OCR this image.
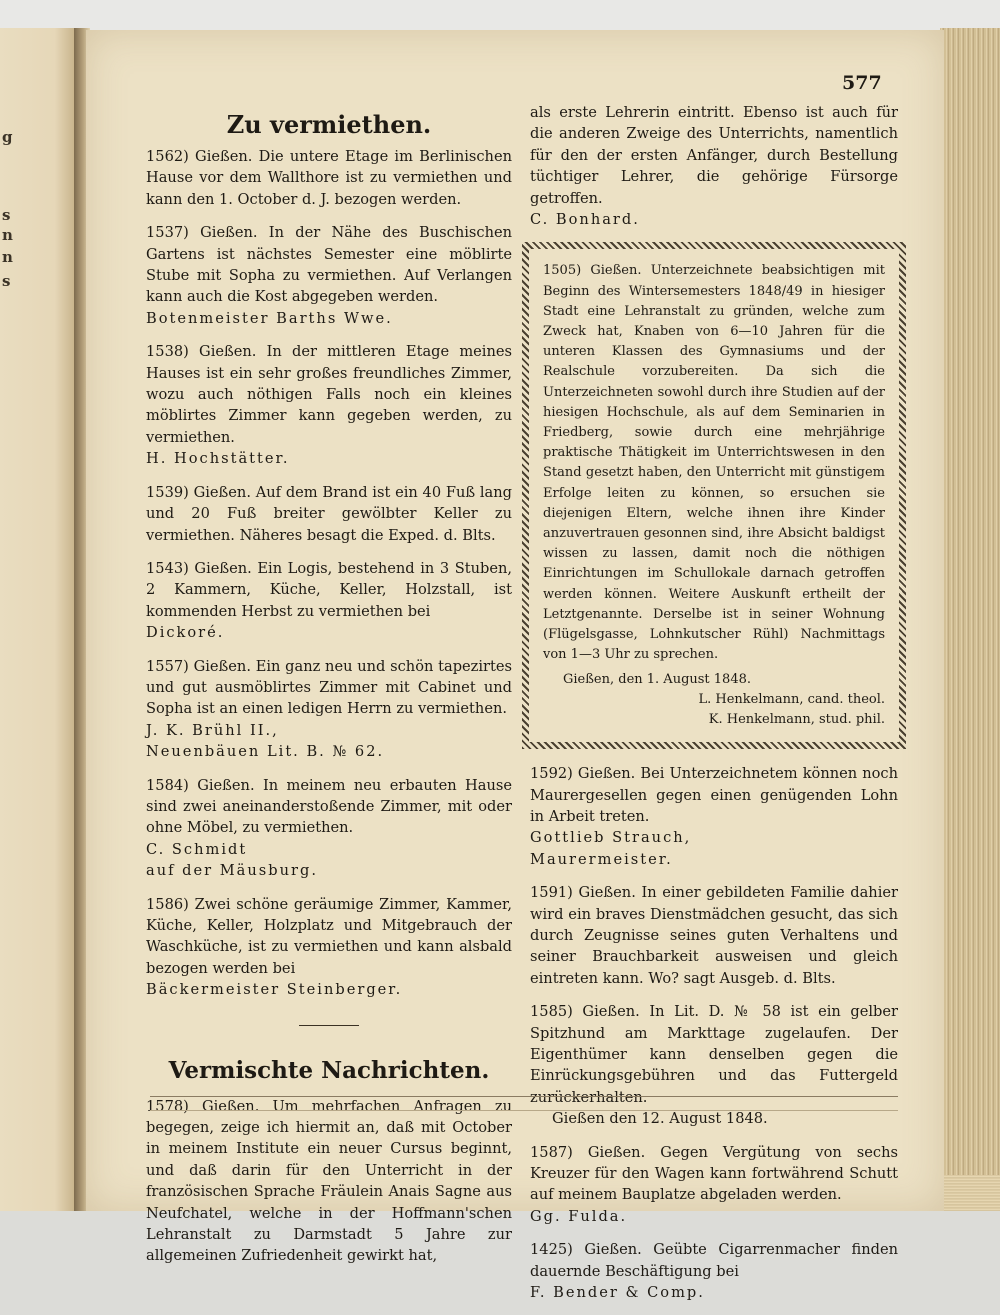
g
s
n
n
s
577
Zu vermiethen.

1562) Gießen. Die untere Etage im Berlinischen Hause vor dem Wallthore ist zu vermiethen und kann den 1. October d. J. bezogen werden.

1537) Gießen. In der Nähe des Buschischen Gartens ist nächstes Semester eine möblirte Stube mit Sopha zu vermiethen. Auf Verlangen kann auch die Kost abgegeben werden.

Botenmeister Barths Wwe.

1538) Gießen. In der mittleren Etage meines Hauses ist ein sehr großes freundliches Zimmer, wozu auch nöthigen Falls noch ein kleines möblirtes Zimmer kann gegeben werden, zu vermiethen.

H. Hochstätter.

1539) Gießen. Auf dem Brand ist ein 40 Fuß lang und 20 Fuß breiter gewölbter Keller zu vermiethen. Näheres besagt die Exped. d. Blts.

1543) Gießen. Ein Logis, bestehend in 3 Stuben, 2 Kammern, Küche, Keller, Holzstall, ist kommenden Herbst zu vermiethen bei

Dickoré.

1557) Gießen. Ein ganz neu und schön tapezirtes und gut ausmöblirtes Zimmer mit Cabinet und Sopha ist an einen ledigen Herrn zu vermiethen.

J. K. Brühl II.,

Neuenbäuen Lit. B. № 62.

1584) Gießen. In meinem neu erbauten Hause sind zwei aneinanderstoßende Zimmer, mit oder ohne Möbel, zu vermiethen.

C. Schmidt

auf der Mäusburg.

1586) Zwei schöne geräumige Zimmer, Kammer, Küche, Keller, Holzplatz und Mitgebrauch der Waschküche, ist zu vermiethen und kann alsbald bezogen werden bei

Bäckermeister Steinberger.

Vermischte Nachrichten.

1578) Gießen. Um mehrfachen Anfragen zu begegen, zeige ich hiermit an, daß mit October in meinem Institute ein neuer Cursus beginnt, und daß darin für den Unterricht in der französischen Sprache Fräulein Anais Sagne aus Neufchatel, welche in der Hoffmann'schen Lehranstalt zu Darmstadt 5 Jahre zur allgemeinen Zufriedenheit gewirkt hat,

als erste Lehrerin eintritt. Ebenso ist auch für die anderen Zweige des Unterrichts, namentlich für den der ersten Anfänger, durch Bestellung tüchtiger Lehrer, die gehörige Fürsorge getroffen.

C. Bonhard.

1505) Gießen. Unterzeichnete beabsichtigen mit Beginn des Wintersemesters 1848/49 in hiesiger Stadt eine Lehranstalt zu gründen, welche zum Zweck hat, Knaben von 6—10 Jahren für die unteren Klassen des Gymnasiums und der Realschule vorzubereiten. Da sich die Unterzeichneten sowohl durch ihre Studien auf der hiesigen Hochschule, als auf dem Seminarien in Friedberg, sowie durch eine mehrjährige praktische Thätigkeit im Unterrichtswesen in den Stand gesetzt haben, den Unterricht mit günstigem Erfolge leiten zu können, so ersuchen sie diejenigen Eltern, welche ihnen ihre Kinder anzuvertrauen gesonnen sind, ihre Absicht baldigst wissen zu lassen, damit noch die nöthigen Einrichtungen im Schullokale darnach getroffen werden können. Weitere Auskunft ertheilt der Letztgenannte. Derselbe ist in seiner Wohnung (Flügelsgasse, Lohnkutscher Rühl) Nachmittags von 1—3 Uhr zu sprechen.

Gießen, den 1. August 1848.

L. Henkelmann, cand. theol.

K. Henkelmann, stud. phil.

1592) Gießen. Bei Unterzeichnetem können noch Maurergesellen gegen einen genügenden Lohn in Arbeit treten.

Gottlieb Strauch,

Maurermeister.

1591) Gießen. In einer gebildeten Familie dahier wird ein braves Dienstmädchen gesucht, das sich durch Zeugnisse seines guten Verhaltens und seiner Brauchbarkeit ausweisen und gleich eintreten kann. Wo? sagt Ausgeb. d. Blts.

1585) Gießen. In Lit. D. № 58 ist ein gelber Spitzhund am Markttage zugelaufen. Der Eigenthümer kann denselben gegen die Einrückungsgebühren und das Futtergeld zurückerhalten.

Gießen den 12. August 1848.

1587) Gießen. Gegen Vergütung von sechs Kreuzer für den Wagen kann fortwährend Schutt auf meinem Bauplatze abgeladen werden.

Gg. Fulda.

1425) Gießen. Geübte Cigarrenmacher finden dauernde Beschäftigung bei

F. Bender & Comp.
